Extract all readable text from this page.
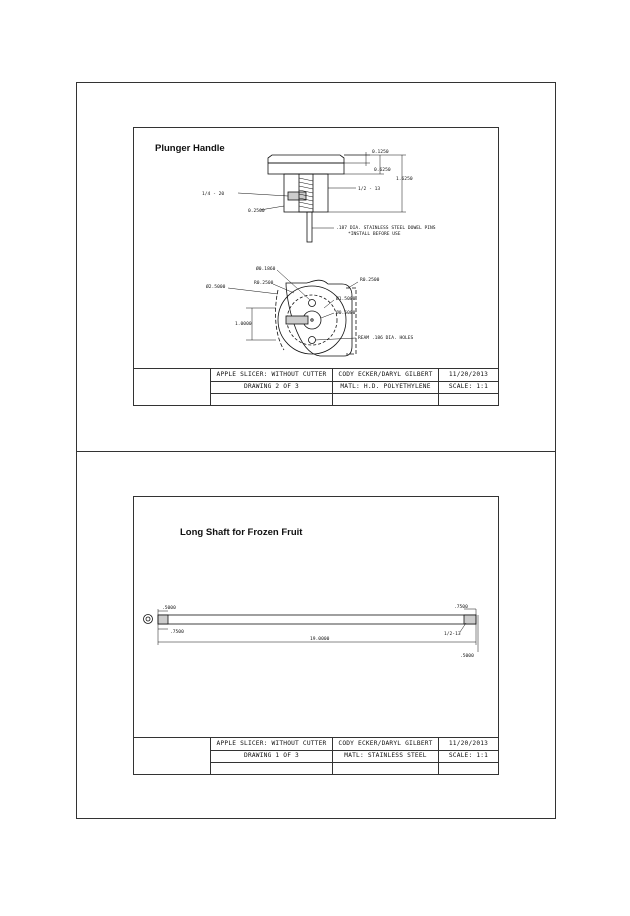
Plunger Handle	0.1250
0.6250
1.6250
1/4 - 20
1/2 - 13
0.2500
.187 DIA. STAINLESS STEEL DOWEL PINS
*INSTALL BEFORE USE
Ø0.1860
R0.2500
Ø2.5000
R0.2500
Ø1.5000
Ø0.5000
1.0000
REAM .186 DIA. HOLES
APPLE SLICER: WITHOUT CUTTER	CODY ECKER/DARYL GILBERT	11/20/2013
DRAWING 2 OF 3	MATL: H.D. POLYETHYLENE	SCALE: 1:1
Long Shaft for Frozen Fruit
.5000
.7500
.7500
1/2-13
19.0000
.5000
APPLE SLICER: WITHOUT CUTTER	CODY ECKER/DARYL GILBERT	11/20/2013
DRAWING 1 OF 3	MATL: STAINLESS STEEL	SCALE: 1:1
